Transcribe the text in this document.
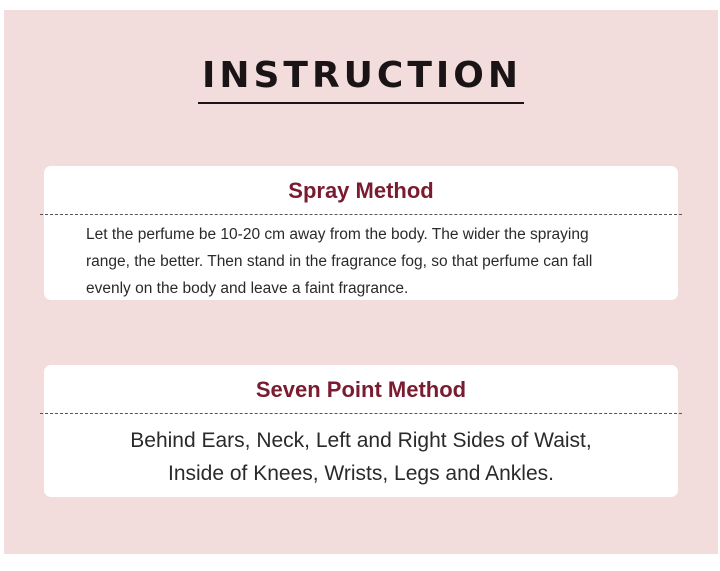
INSTRUCTION
Spray Method

Let the perfume be 10-20 cm away from the body. The wider the spraying

range, the better. Then stand in the fragrance fog, so that perfume can fall

evenly on the body and leave a faint fragrance.

Seven Point Method

Behind Ears, Neck, Left and Right Sides of Waist,

Inside of Knees, Wrists, Legs and Ankles.
